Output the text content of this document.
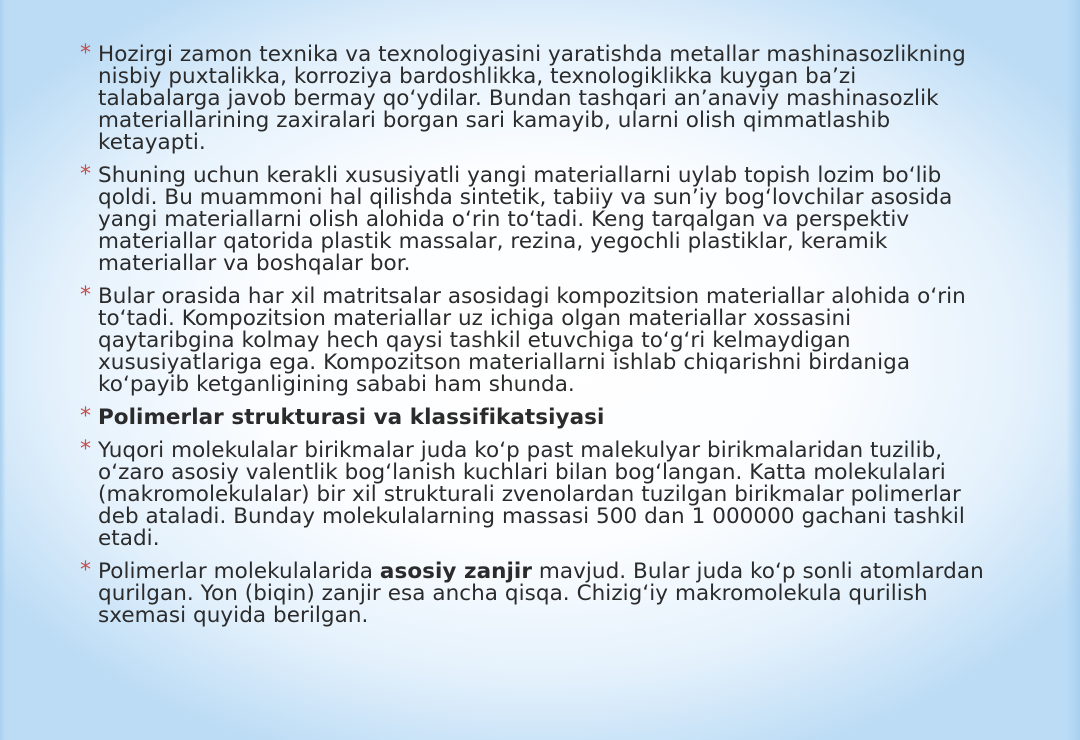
* Hozirgi zamon texnika va texnologiyasini yaratishda metallar mashinasozlikning
nisbiy puxtalikka, korroziya bardoshlikka, texnologiklikka kuygan ba’zi
talabalarga javob bermay qo‘ydilar. Bundan tashqari an’anaviy mashinasozlik
materiallarining zaxiralari borgan sari kamayib, ularni olish qimmatlashib
ketayapti.
* Shuning uchun kerakli xususiyatli yangi materiallarni uylab topish lozim bo‘lib
qoldi. Bu muammoni hal qilishda sintetik, tabiiy va sun’iy bog‘lovchilar asosida
yangi materiallarni olish alohida o‘rin to‘tadi. Keng tarqalgan va perspektiv
materiallar qatorida plastik massalar, rezina, yegochli plastiklar, keramik
materiallar va boshqalar bor.
* Bular orasida har xil matritsalar asosidagi kompozitsion materiallar alohida o‘rin
to‘tadi. Kompozitsion materiallar uz ichiga olgan materiallar xossasini
qaytaribgina kolmay hech qaysi tashkil etuvchiga to‘g‘ri kelmaydigan
xususiyatlariga ega. Kompozitson materiallarni ishlab chiqarishni birdaniga
ko‘payib ketganligining sababi ham shunda.
* Polimerlar strukturasi va klassifikatsiyasi
* Yuqori molekulalar birikmalar juda ko‘p past malekulyar birikmalaridan tuzilib,
o‘zaro asosiy valentlik bog‘lanish kuchlari bilan bog‘langan. Katta molekulalari
(makromolekulalar) bir xil strukturali zvenolardan tuzilgan birikmalar polimerlar
deb ataladi. Bunday molekulalarning massasi 500 dan 1 000000 gachani tashkil
etadi.
* Polimerlar molekulalarida asosiy zanjir mavjud. Bular juda ko‘p sonli atomlardan
qurilgan. Yon (biqin) zanjir esa ancha qisqa. Chizig‘iy makromolekula qurilish
sxemasi quyida berilgan.
